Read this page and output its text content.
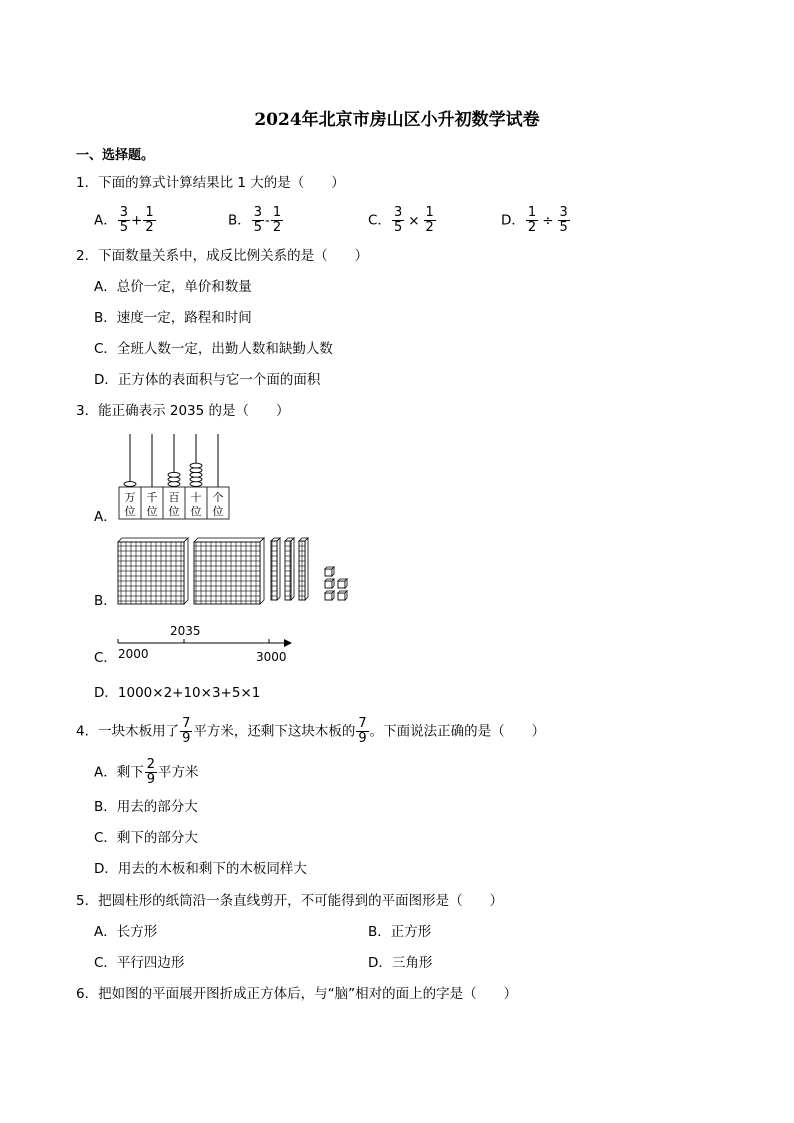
2024年北京市房山区小升初数学试卷
一、选择题。
1．下面的算式计算结果比 1 大的是（　　）
A． $\frac{3}{5} + \frac{1}{2}$	B． $\frac{3}{5} - \frac{1}{2}$	C． $\frac{3}{5} \times \frac{1}{2}$	D． $\frac{1}{2} \div \frac{3}{5}$
2．下面数量关系中，成反比例关系的是（　　）
A．总价一定，单价和数量
B．速度一定，路程和时间
C．全班人数一定，出勤人数和缺勤人数
D．正方体的表面积与它一个面的面积
3．能正确表示 2035 的是（　　）
A．
万
位
千
位
百
位
十
位
个
位
B．
C．
2035
2000	3000
D．1000×2+10×3+5×1
4．一块木板用了 $\frac{7}{9}$ 平方米，还剩下这块木板的 $\frac{7}{9}$ 。下面说法正确的是（　　）
A．剩下 $\frac{2}{9}$ 平方米
B．用去的部分大
C．剩下的部分大
D．用去的木板和剩下的木板同样大
5．把圆柱形的纸筒沿一条直线剪开，不可能得到的平面图形是（　　）
A．长方形	B．正方形
C．平行四边形	D．三角形
6．把如图的平面展开图折成正方体后，与“脑”相对的面上的字是（　　）
